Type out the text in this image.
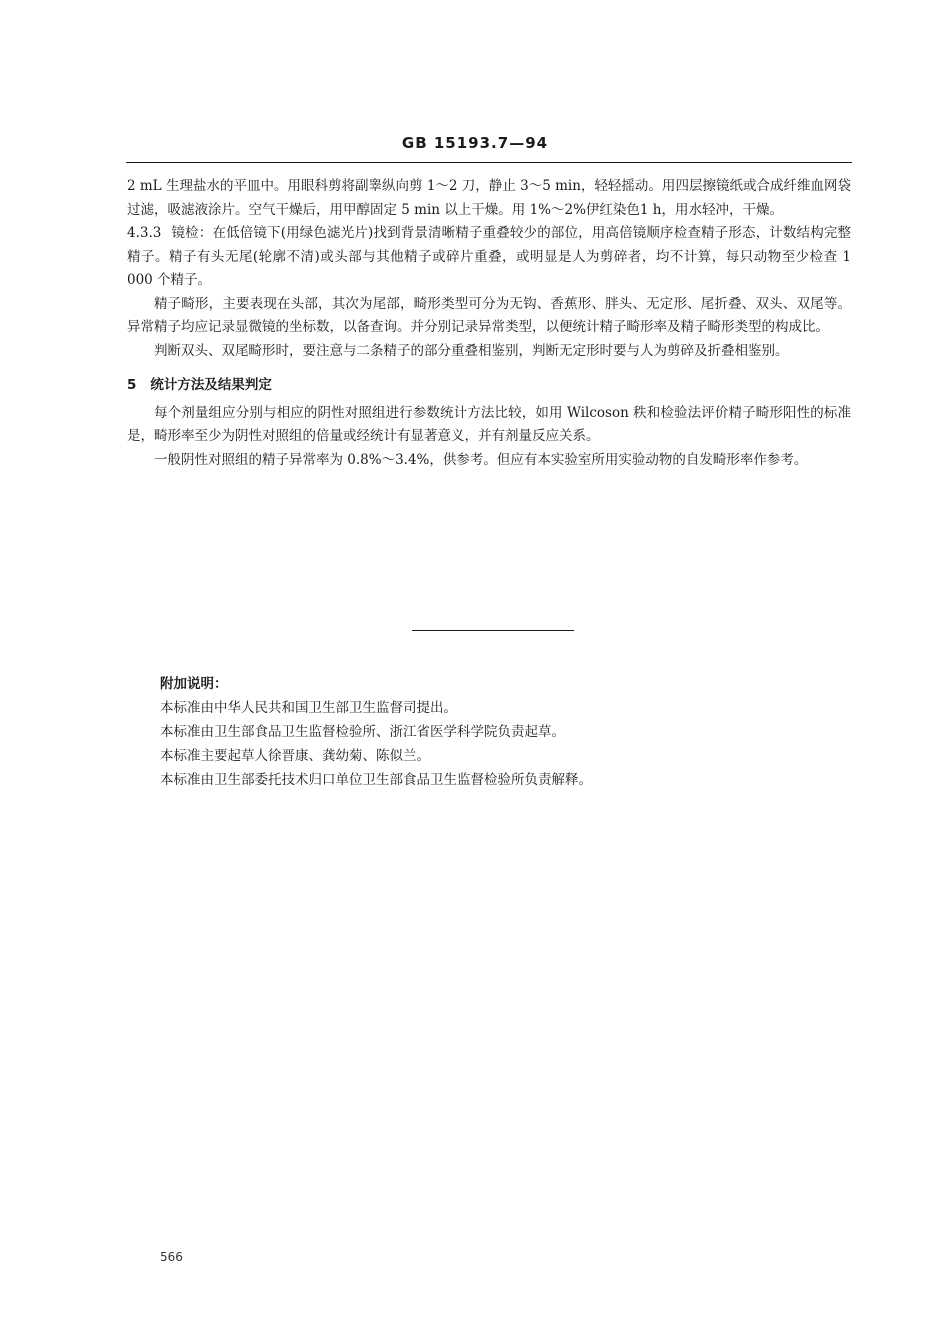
GB 15193.7—94

2 mL 生理盐水的平皿中。用眼科剪将副睾纵向剪 1～2 刀，静止 3～5 min，轻轻摇动。用四层擦镜纸或合成纤维血网袋过滤，吸滤液涂片。空气干燥后，用甲醇固定 5 min 以上干燥。用 1%～2%伊红染色1 h，用水轻冲，干燥。

4.3.3 镜检：在低倍镜下(用绿色滤光片)找到背景清晰精子重叠较少的部位，用高倍镜顺序检查精子形态，计数结构完整精子。精子有头无尾(轮廓不清)或头部与其他精子或碎片重叠，或明显是人为剪碎者，均不计算，每只动物至少检查 1 000 个精子。

精子畸形，主要表现在头部，其次为尾部，畸形类型可分为无钩、香蕉形、胖头、无定形、尾折叠、双头、双尾等。异常精子均应记录显微镜的坐标数，以备查询。并分别记录异常类型，以便统计精子畸形率及精子畸形类型的构成比。

判断双头、双尾畸形时，要注意与二条精子的部分重叠相鉴别，判断无定形时要与人为剪碎及折叠相鉴别。

5 统计方法及结果判定

每个剂量组应分别与相应的阴性对照组进行参数统计方法比较，如用 Wilcoson 秩和检验法评价精子畸形阳性的标准是，畸形率至少为阴性对照组的倍量或经统计有显著意义，并有剂量反应关系。

一般阴性对照组的精子异常率为 0.8%～3.4%，供参考。但应有本实验室所用实验动物的自发畸形率作参考。

附加说明：

本标准由中华人民共和国卫生部卫生监督司提出。

本标准由卫生部食品卫生监督检验所、浙江省医学科学院负责起草。

本标准主要起草人徐晋康、龚幼菊、陈似兰。

本标准由卫生部委托技术归口单位卫生部食品卫生监督检验所负责解释。

566
